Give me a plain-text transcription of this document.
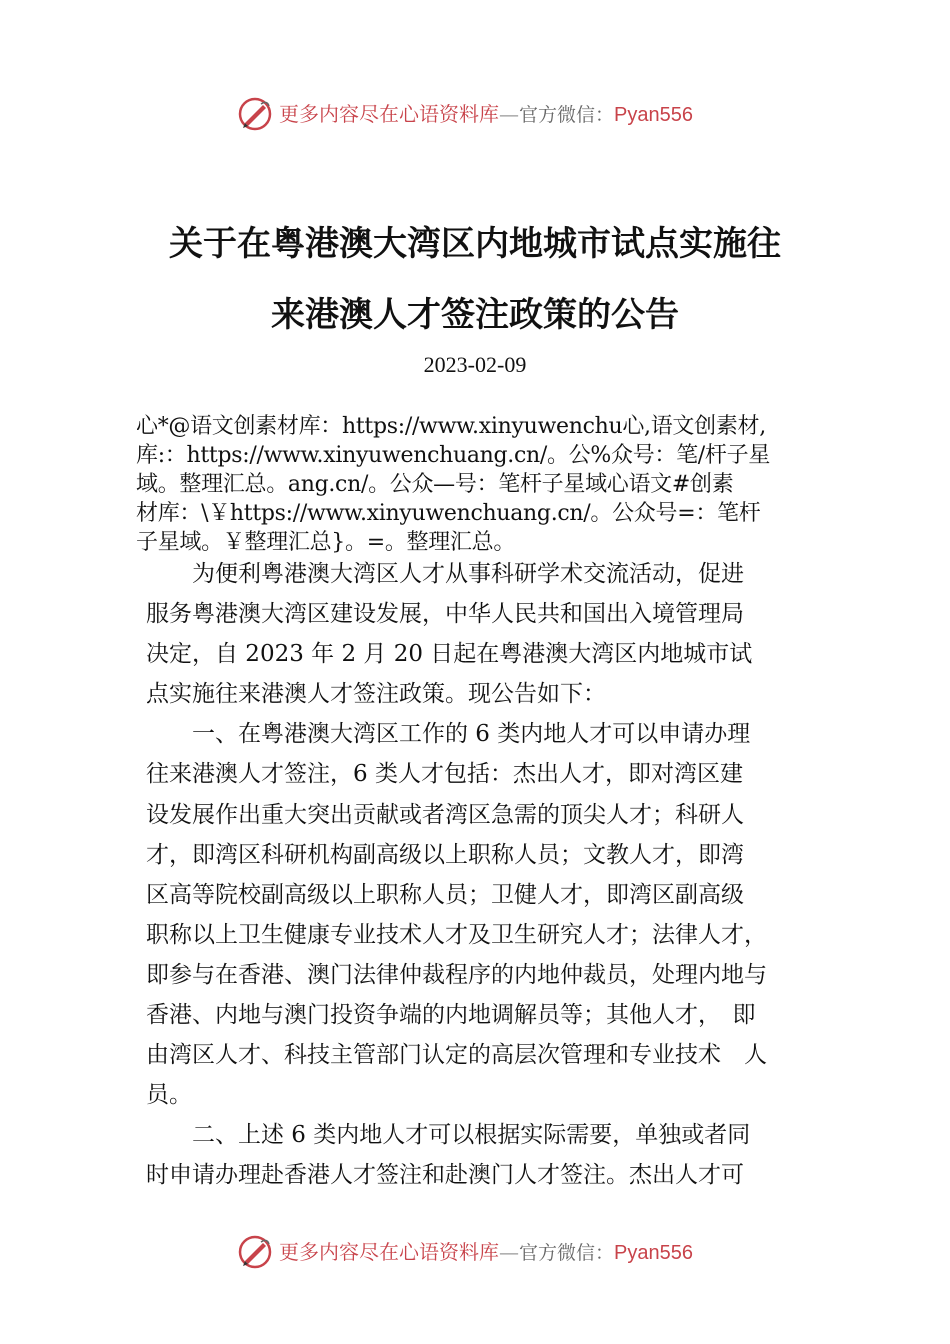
更多内容尽在心语资料库—官方微信：Pyan556
关于在粤港澳大湾区内地城市试点实施往
来港澳人才签注政策的公告
2023-02-09
心*@语文创素材库：https://www.xinyuwenchu心,语文创素材,
库:：https://www.xinyuwenchuang.cn/。公%众号：笔/杆子星
域。整理汇总。ang.cn/。公众—号：笔杆子星域心语文#创素
材库：\￥https://www.xinyuwenchuang.cn/。公众号=：笔杆
子星域。￥整理汇总}。=。整理汇总。
为便利粤港澳大湾区人才从事科研学术交流活动，促进
服务粤港澳大湾区建设发展，中华人民共和国出入境管理局
决定，自 2023 年 2 月 20 日起在粤港澳大湾区内地城市试
点实施往来港澳人才签注政策。现公告如下：
一、在粤港澳大湾区工作的 6 类内地人才可以申请办理
往来港澳人才签注，6 类人才包括：杰出人才，即对湾区建
设发展作出重大突出贡献或者湾区急需的顶尖人才；科研人
才，即湾区科研机构副高级以上职称人员；文教人才，即湾
区高等院校副高级以上职称人员；卫健人才，即湾区副高级
职称以上卫生健康专业技术人才及卫生研究人才；法律人才，
即参与在香港、澳门法律仲裁程序的内地仲裁员，处理内地与
香港、内地与澳门投资争端的内地调解员等；其他人才，　即
由湾区人才、科技主管部门认定的高层次管理和专业技术　人
员。
二、上述 6 类内地人才可以根据实际需要，单独或者同
时申请办理赴香港人才签注和赴澳门人才签注。杰出人才可
更多内容尽在心语资料库—官方微信：Pyan556
